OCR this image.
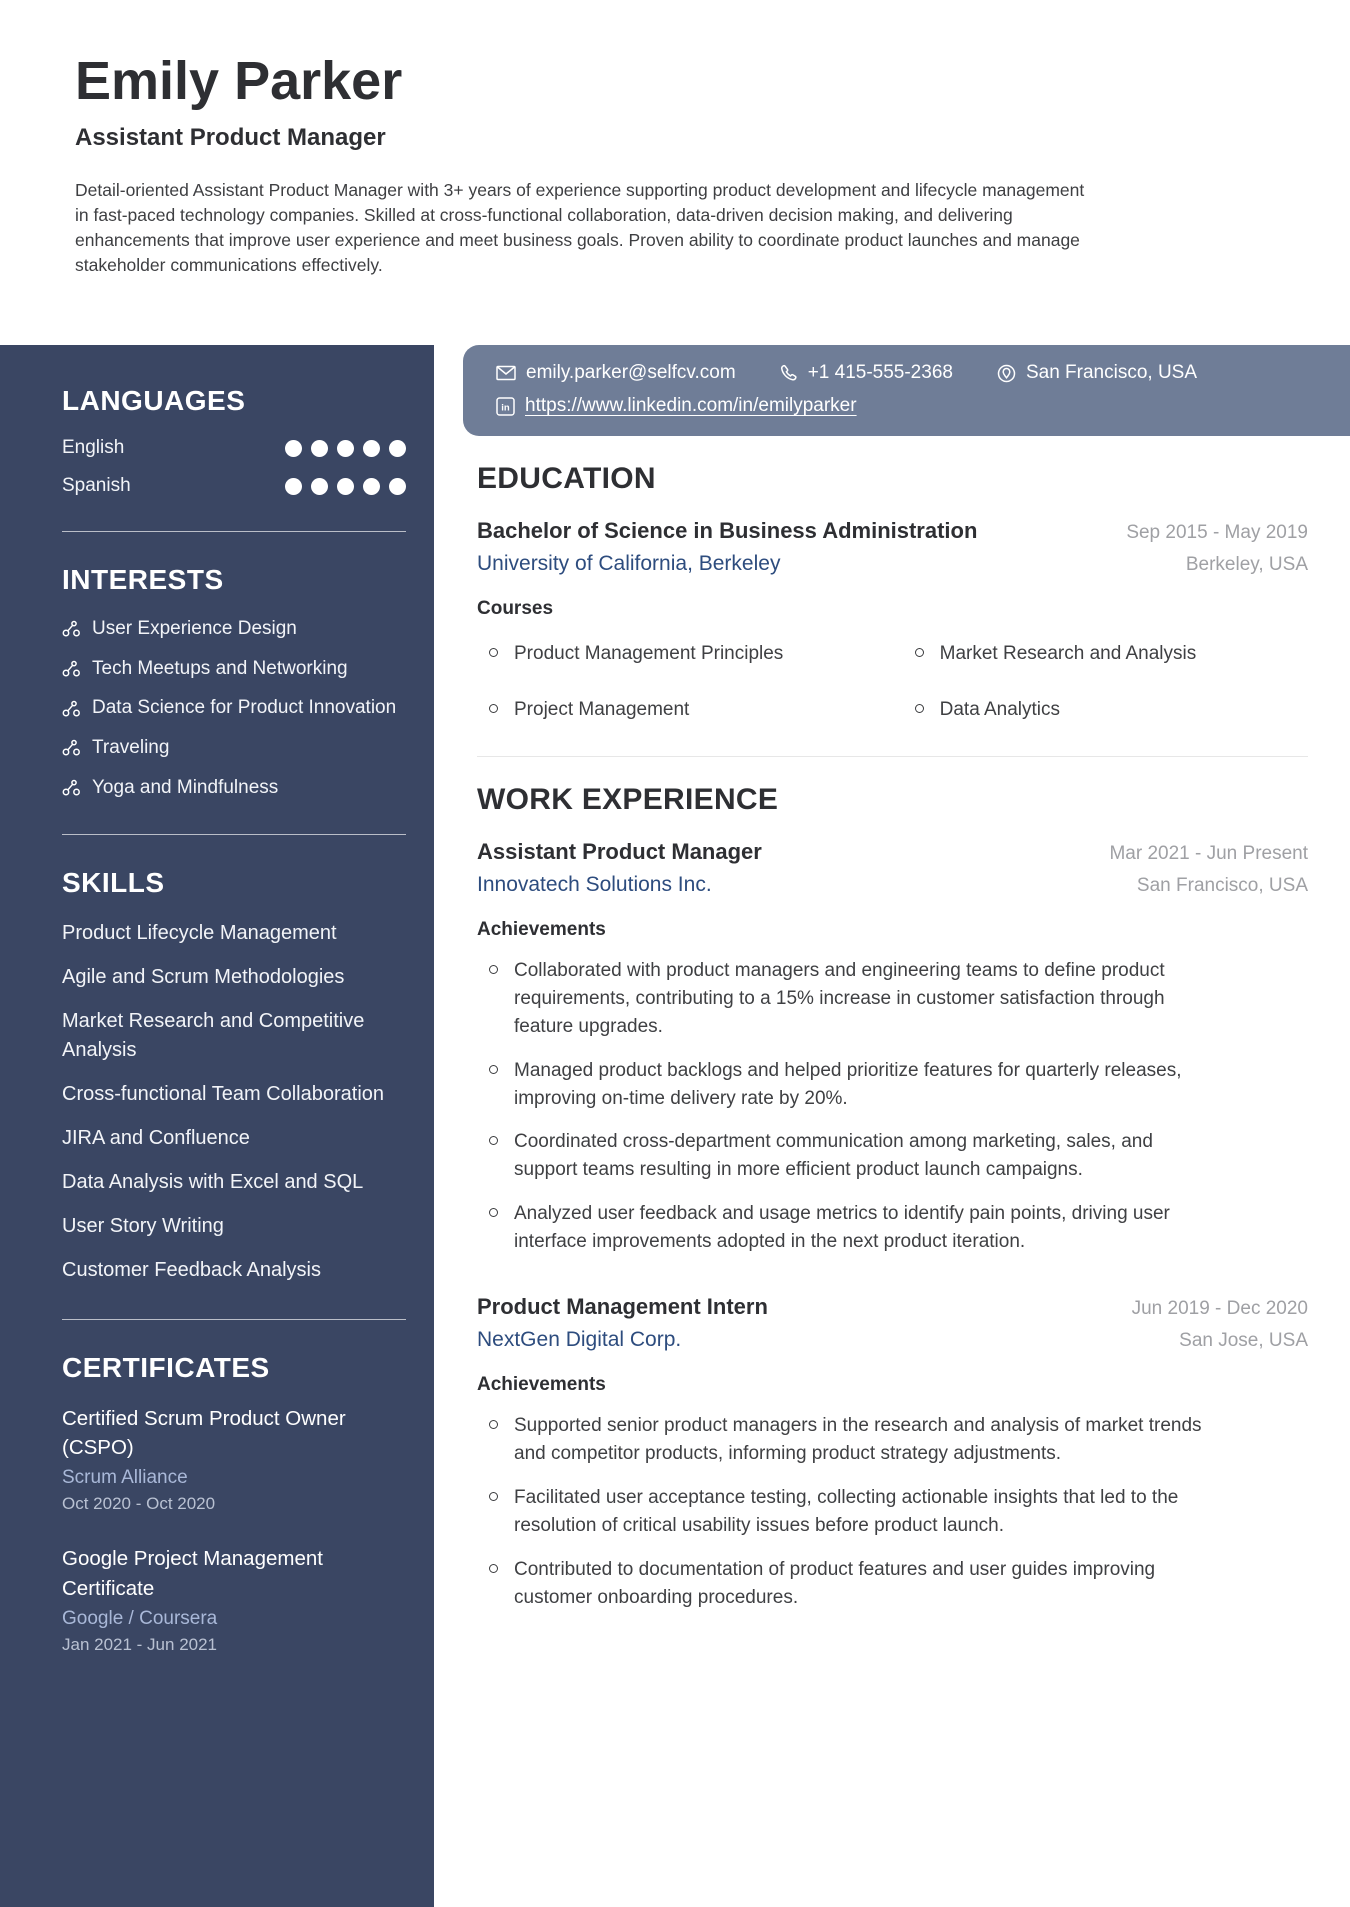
Emily Parker
Assistant Product Manager
Detail-oriented Assistant Product Manager with 3+ years of experience supporting product development and lifecycle management in fast-paced technology companies. Skilled at cross-functional collaboration, data-driven decision making, and delivering enhancements that improve user experience and meet business goals. Proven ability to coordinate product launches and manage stakeholder communications effectively.
LANGUAGES
English
Spanish
INTERESTS
User Experience Design
Tech Meetups and Networking
Data Science for Product Innovation
Traveling
Yoga and Mindfulness
SKILLS
Product Lifecycle Management
Agile and Scrum Methodologies
Market Research and Competitive Analysis
Cross-functional Team Collaboration
JIRA and Confluence
Data Analysis with Excel and SQL
User Story Writing
Customer Feedback Analysis
CERTIFICATES
Certified Scrum Product Owner (CSPO)
Scrum Alliance
Oct 2020 - Oct 2020
Google Project Management Certificate
Google / Coursera
Jan 2021 - Jun 2021
emily.parker@selfcv.com	+1 415-555-2368	San Francisco, USA
in https://www.linkedin.com/in/emilyparker
EDUCATION
Bachelor of Science in Business Administration	Sep 2015 - May 2019
University of California, Berkeley	Berkeley, USA
Courses
Product Management Principles	Market Research and Analysis
Project Management	Data Analytics
WORK EXPERIENCE
Assistant Product Manager	Mar 2021 - Jun Present
Innovatech Solutions Inc.	San Francisco, USA
Achievements
Collaborated with product managers and engineering teams to define product requirements, contributing to a 15% increase in customer satisfaction through feature upgrades.
Managed product backlogs and helped prioritize features for quarterly releases, improving on-time delivery rate by 20%.
Coordinated cross-department communication among marketing, sales, and support teams resulting in more efficient product launch campaigns.
Analyzed user feedback and usage metrics to identify pain points, driving user interface improvements adopted in the next product iteration.
Product Management Intern	Jun 2019 - Dec 2020
NextGen Digital Corp.	San Jose, USA
Achievements
Supported senior product managers in the research and analysis of market trends and competitor products, informing product strategy adjustments.
Facilitated user acceptance testing, collecting actionable insights that led to the resolution of critical usability issues before product launch.
Contributed to documentation of product features and user guides improving customer onboarding procedures.
